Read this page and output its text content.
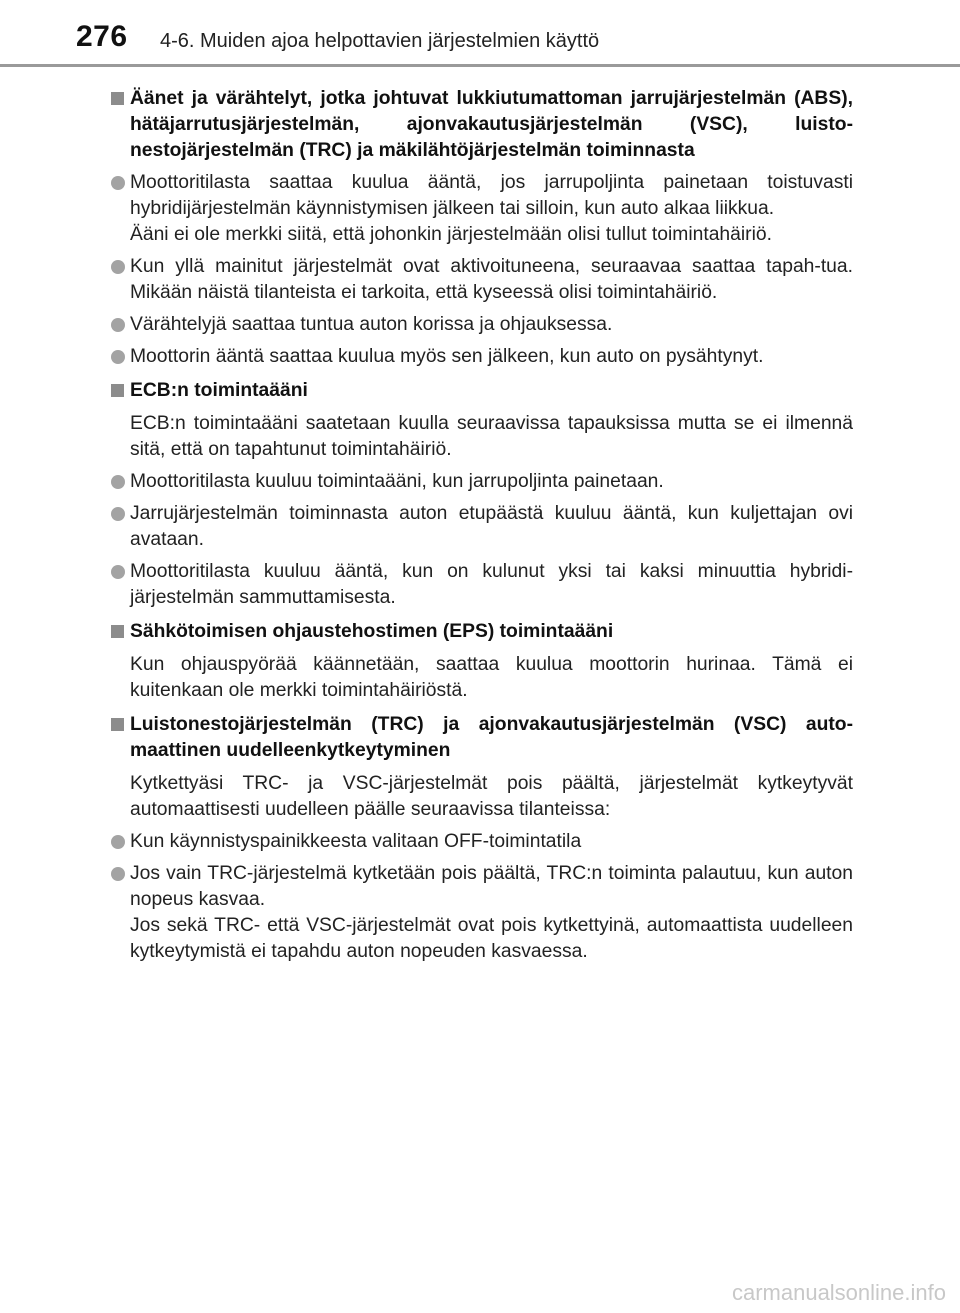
276 4-6. Muiden ajoa helpottavien järjestelmien käyttö
Äänet ja värähtelyt, jotka johtuvat lukkiutumattoman jarrujärjestelmän (ABS), hätäjarrutusjärjestelmän, ajonvakautusjärjestelmän (VSC), luisto-nestojärjestelmän (TRC) ja mäkilähtöjärjestelmän toiminnasta
Moottoritilasta saattaa kuulua ääntä, jos jarrupoljinta painetaan toistuvasti hybridijärjestelmän käynnistymisen jälkeen tai silloin, kun auto alkaa liikkua.
Ääni ei ole merkki siitä, että johonkin järjestelmään olisi tullut toimintahäiriö.
Kun yllä mainitut järjestelmät ovat aktivoituneena, seuraavaa saattaa tapah-tua. Mikään näistä tilanteista ei tarkoita, että kyseessä olisi toimintahäiriö.
Värähtelyjä saattaa tuntua auton korissa ja ohjauksessa.
Moottorin ääntä saattaa kuulua myös sen jälkeen, kun auto on pysähtynyt.
ECB:n toimintaääni
ECB:n toimintaääni saatetaan kuulla seuraavissa tapauksissa mutta se ei ilmennä sitä, että on tapahtunut toimintahäiriö.
Moottoritilasta kuuluu toimintaääni, kun jarrupoljinta painetaan.
Jarrujärjestelmän toiminnasta auton etupäästä kuuluu ääntä, kun kuljettajan ovi avataan.
Moottoritilasta kuuluu ääntä, kun on kulunut yksi tai kaksi minuuttia hybridi-järjestelmän sammuttamisesta.
Sähkötoimisen ohjaustehostimen (EPS) toimintaääni
Kun ohjauspyörää käännetään, saattaa kuulua moottorin hurinaa. Tämä ei kuitenkaan ole merkki toimintahäiriöstä.
Luistonestojärjestelmän (TRC) ja ajonvakautusjärjestelmän (VSC) auto-maattinen uudelleenkytkeytyminen
Kytkettyäsi TRC- ja VSC-järjestelmät pois päältä, järjestelmät kytkeytyvät automaattisesti uudelleen päälle seuraavissa tilanteissa:
Kun käynnistyspainikkeesta valitaan OFF-toimintatila
Jos vain TRC-järjestelmä kytketään pois päältä, TRC:n toiminta palautuu, kun auton nopeus kasvaa.
Jos sekä TRC- että VSC-järjestelmät ovat pois kytkettyinä, automaattista uudelleen kytkeytymistä ei tapahdu auton nopeuden kasvaessa.
carmanualsonline.info
